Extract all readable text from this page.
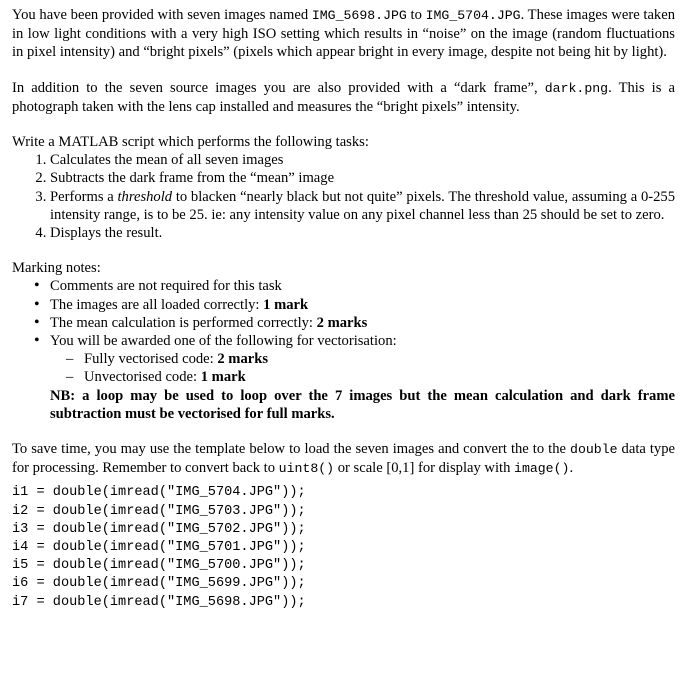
You have been provided with seven images named IMG_5698.JPG to IMG_5704.JPG. These images were taken in low light conditions with a very high ISO setting which results in “noise” on the image (random fluctuations in pixel intensity) and “bright pixels” (pixels which appear bright in every image, despite not being hit by light).
In addition to the seven source images you are also provided with a “dark frame”, dark.png. This is a photograph taken with the lens cap installed and measures the “bright pixels” intensity.
Write a MATLAB script which performs the following tasks:
1. Calculates the mean of all seven images
2. Subtracts the dark frame from the “mean” image
3. Performs a threshold to blacken “nearly black but not quite” pixels. The threshold value, assuming a 0-255 intensity range, is to be 25. ie: any intensity value on any pixel channel less than 25 should be set to zero.
4. Displays the result.
Marking notes:
• Comments are not required for this task
• The images are all loaded correctly: 1 mark
• The mean calculation is performed correctly: 2 marks
• You will be awarded one of the following for vectorisation:
– Fully vectorised code: 2 marks
– Unvectorised code: 1 mark
NB: a loop may be used to loop over the 7 images but the mean calculation and dark frame subtraction must be vectorised for full marks.
To save time, you may use the template below to load the seven images and convert the to the double data type for processing. Remember to convert back to uint8() or scale [0,1] for display with image().
i1 = double(imread("IMG_5704.JPG"));
i2 = double(imread("IMG_5703.JPG"));
i3 = double(imread("IMG_5702.JPG"));
i4 = double(imread("IMG_5701.JPG"));
i5 = double(imread("IMG_5700.JPG"));
i6 = double(imread("IMG_5699.JPG"));
i7 = double(imread("IMG_5698.JPG"));
